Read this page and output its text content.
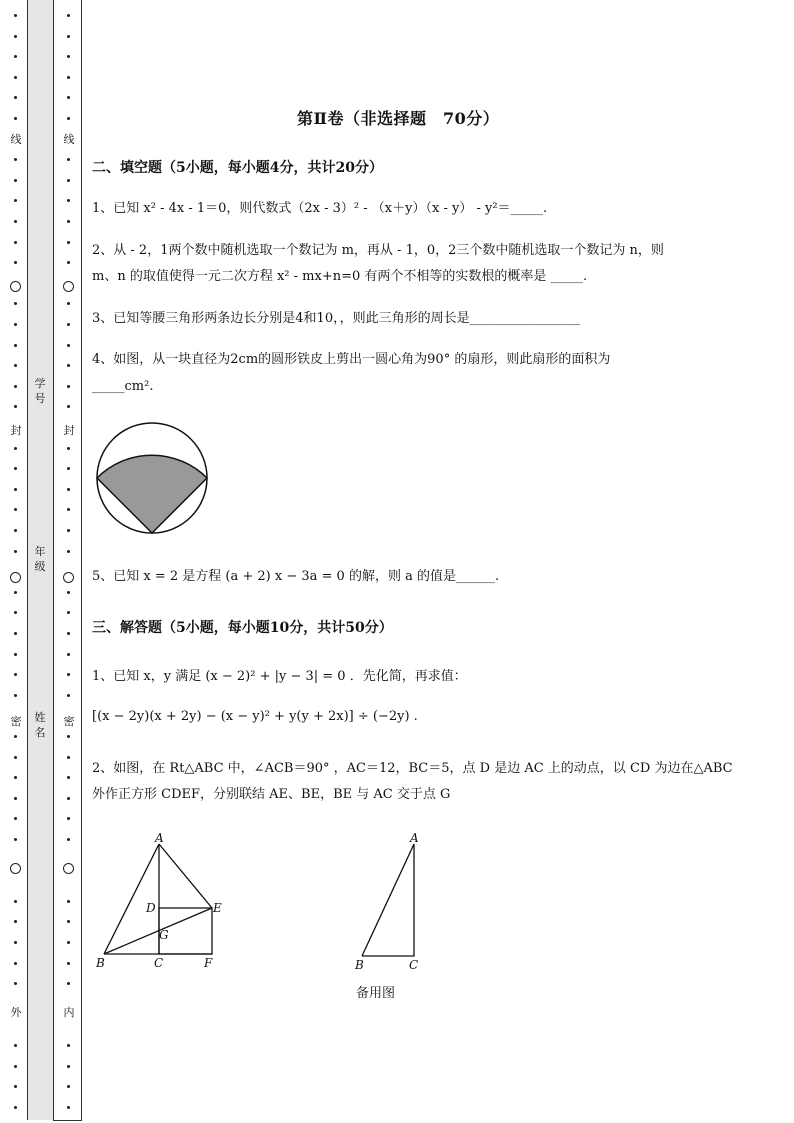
线
封
密
外
线
封
密
内
学号
年级
姓名
第Ⅱ卷（非选择题　70分）
二、填空题（5小题，每小题4分，共计20分）
1、已知 x² - 4x - 1＝0，则代数式（2x - 3）² - （x＋y）（x - y） - y²＝_____.
2、从 - 2，1两个数中随机选取一个数记为 m，再从 - 1，0，2三个数中随机选取一个数记为 n，则
m、n 的取值使得一元二次方程 x² - mx+n=0 有两个不相等的实数根的概率是 _____.
3、已知等腰三角形两条边长分别是4和10，，则此三角形的周长是_________________
4、如图，从一块直径为2cm的圆形铁皮上剪出一圆心角为90° 的扇形，则此扇形的面积为
_____cm².
5、已知 x = 2 是方程 (a + 2) x − 3a = 0 的解，则 a 的值是______.
三、解答题（5小题，每小题10分，共计50分）
1、已知 x，y 满足 (x − 2)² + |y − 3| = 0 ．先化简，再求值：
[(x − 2y)(x + 2y) − (x − y)² + y(y + 2x)] ÷ (−2y) .
2、如图，在 Rt△ABC 中，∠ACB＝90° ，AC＝12，BC＝5，点 D 是边 AC 上的动点，以 CD 为边在△ABC
外作正方形 CDEF，分别联结 AE、BE，BE 与 AC 交于点 G
A
B	C
D	E
F
G
A
B	C
备用图
